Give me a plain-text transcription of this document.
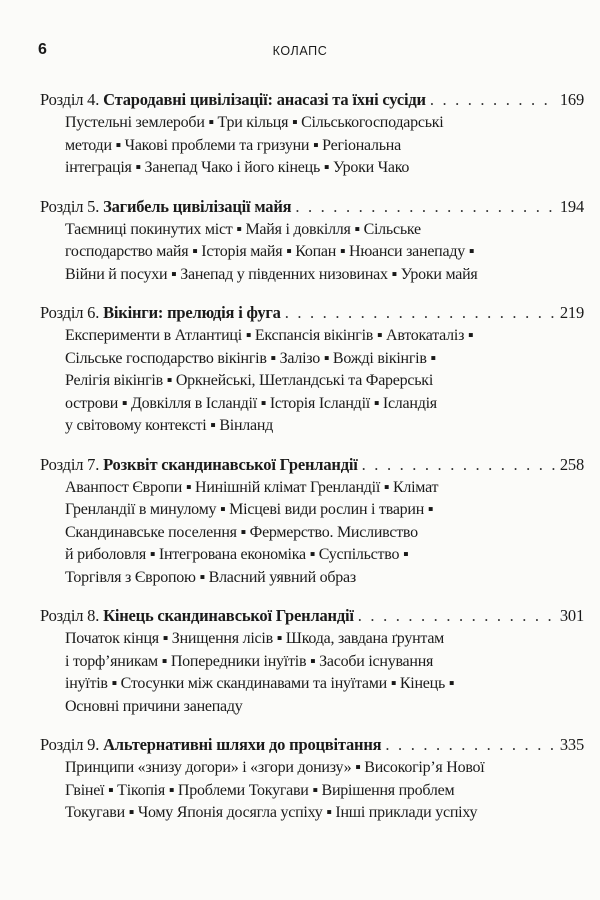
6	КОЛАПС
Розділ 4.
Стародавні цивілізації: анасазі та їхні сусіди . . .	169
Пустельні землероби ▪ Три кільця ▪ Сільськогосподарські
методи ▪ Чакові проблеми та гризуни ▪ Регіональна
інтеграція ▪ Занепад Чако і його кінець ▪ Уроки Чако
Розділ 5.
Загибель цивілізації майя . . .	194
Таємниці покинутих міст ▪ Майя і довкілля ▪ Сільське
господарство майя ▪ Історія майя ▪ Копан ▪ Нюанси занепаду ▪
Війни й посухи ▪ Занепад у південних низовинах ▪ Уроки майя
Розділ 6.
Вікінги: прелюдія і фуга . . .	219
Експерименти в Атлантиці ▪ Експансія вікінгів ▪ Автокаталіз ▪
Сільське господарство вікінгів ▪ Залізо ▪ Вожді вікінгів ▪
Релігія вікінгів ▪ Оркнейські, Шетландські та Фарерські
острови ▪ Довкілля в Ісландії ▪ Історія Ісландії ▪ Ісландія
у світовому контексті ▪ Вінланд
Розділ 7.
Розквіт скандинавської Гренландії . . .	258
Аванпост Європи ▪ Нинішній клімат Гренландії ▪ Клімат
Гренландії в минулому ▪ Місцеві види рослин і тварин ▪
Скандинавське поселення ▪ Фермерство. Мисливство
й риболовля ▪ Інтегрована економіка ▪ Суспільство ▪
Торгівля з Європою ▪ Власний уявний образ
Розділ 8.
Кінець скандинавської Гренландії . . .	301
Початок кінця ▪ Знищення лісів ▪ Шкода, завдана ґрунтам
і торф’яникам ▪ Попередники інуїтів ▪ Засоби існування
інуїтів ▪ Стосунки між скандинавами та інуїтами ▪ Кінець ▪
Основні причини занепаду
Розділ 9.
Альтернативні шляхи до процвітання . . .	335
Принципи «знизу догори» і «згори донизу» ▪ Високогір’я Нової
Гвінеї ▪ Тікопія ▪ Проблеми Токугави ▪ Вирішення проблем
Токугави ▪ Чому Японія досягла успіху ▪ Інші приклади успіху
